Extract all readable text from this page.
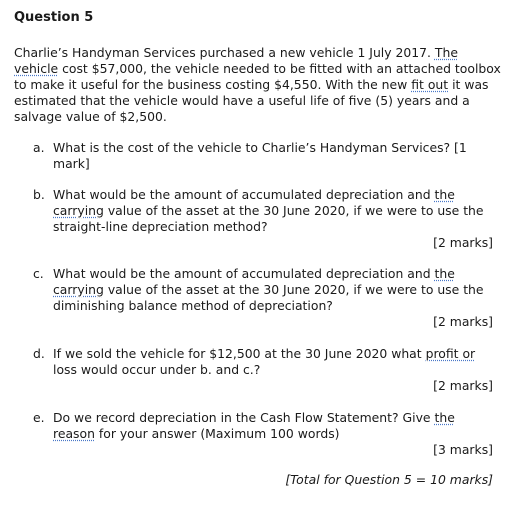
Question 5
Charlie’s Handyman Services purchased a new vehicle 1 July 2017. The vehicle cost $57,000, the vehicle needed to be fitted with an attached toolbox to make it useful for the business costing $4,550. With the new fit out it was estimated that the vehicle would have a useful life of five (5) years and a salvage value of $2,500.
a. What is the cost of the vehicle to Charlie’s Handyman Services? [1 mark]
b. What would be the amount of accumulated depreciation and the carrying value of the asset at the 30 June 2020, if we were to use the straight-line depreciation method?
[2 marks]
c. What would be the amount of accumulated depreciation and the carrying value of the asset at the 30 June 2020, if we were to use the diminishing balance method of depreciation?
[2 marks]
d. If we sold the vehicle for $12,500 at the 30 June 2020 what profit or loss would occur under b. and c.?
[2 marks]
e. Do we record depreciation in the Cash Flow Statement? Give the reason for your answer (Maximum 100 words)
[3 marks]
[Total for Question 5 = 10 marks]
